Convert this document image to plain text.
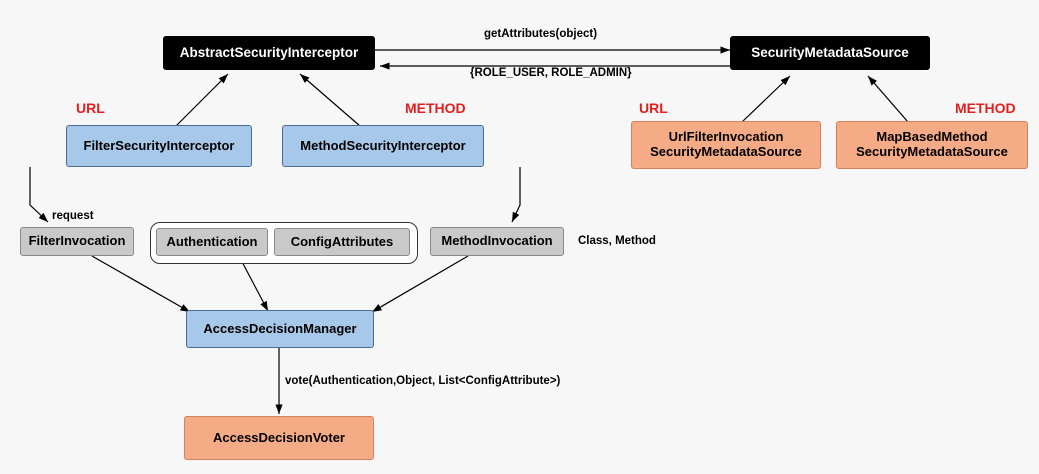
AbstractSecurityInterceptor	SecurityMetadataSource
getAttributes(object)
{ROLE_USER, ROLE_ADMIN}
URL	METHOD	URL	METHOD
FilterSecurityInterceptor	MethodSecurityInterceptor
UrlFilterInvocation
SecurityMetadataSource
MapBasedMethod
SecurityMetadataSource
request
FilterInvocation	Authentication	ConfigAttributes	MethodInvocation Class, Method
AccessDecisionManager
vote(Authentication,Object, List<ConfigAttribute>)
AccessDecisionVoter
